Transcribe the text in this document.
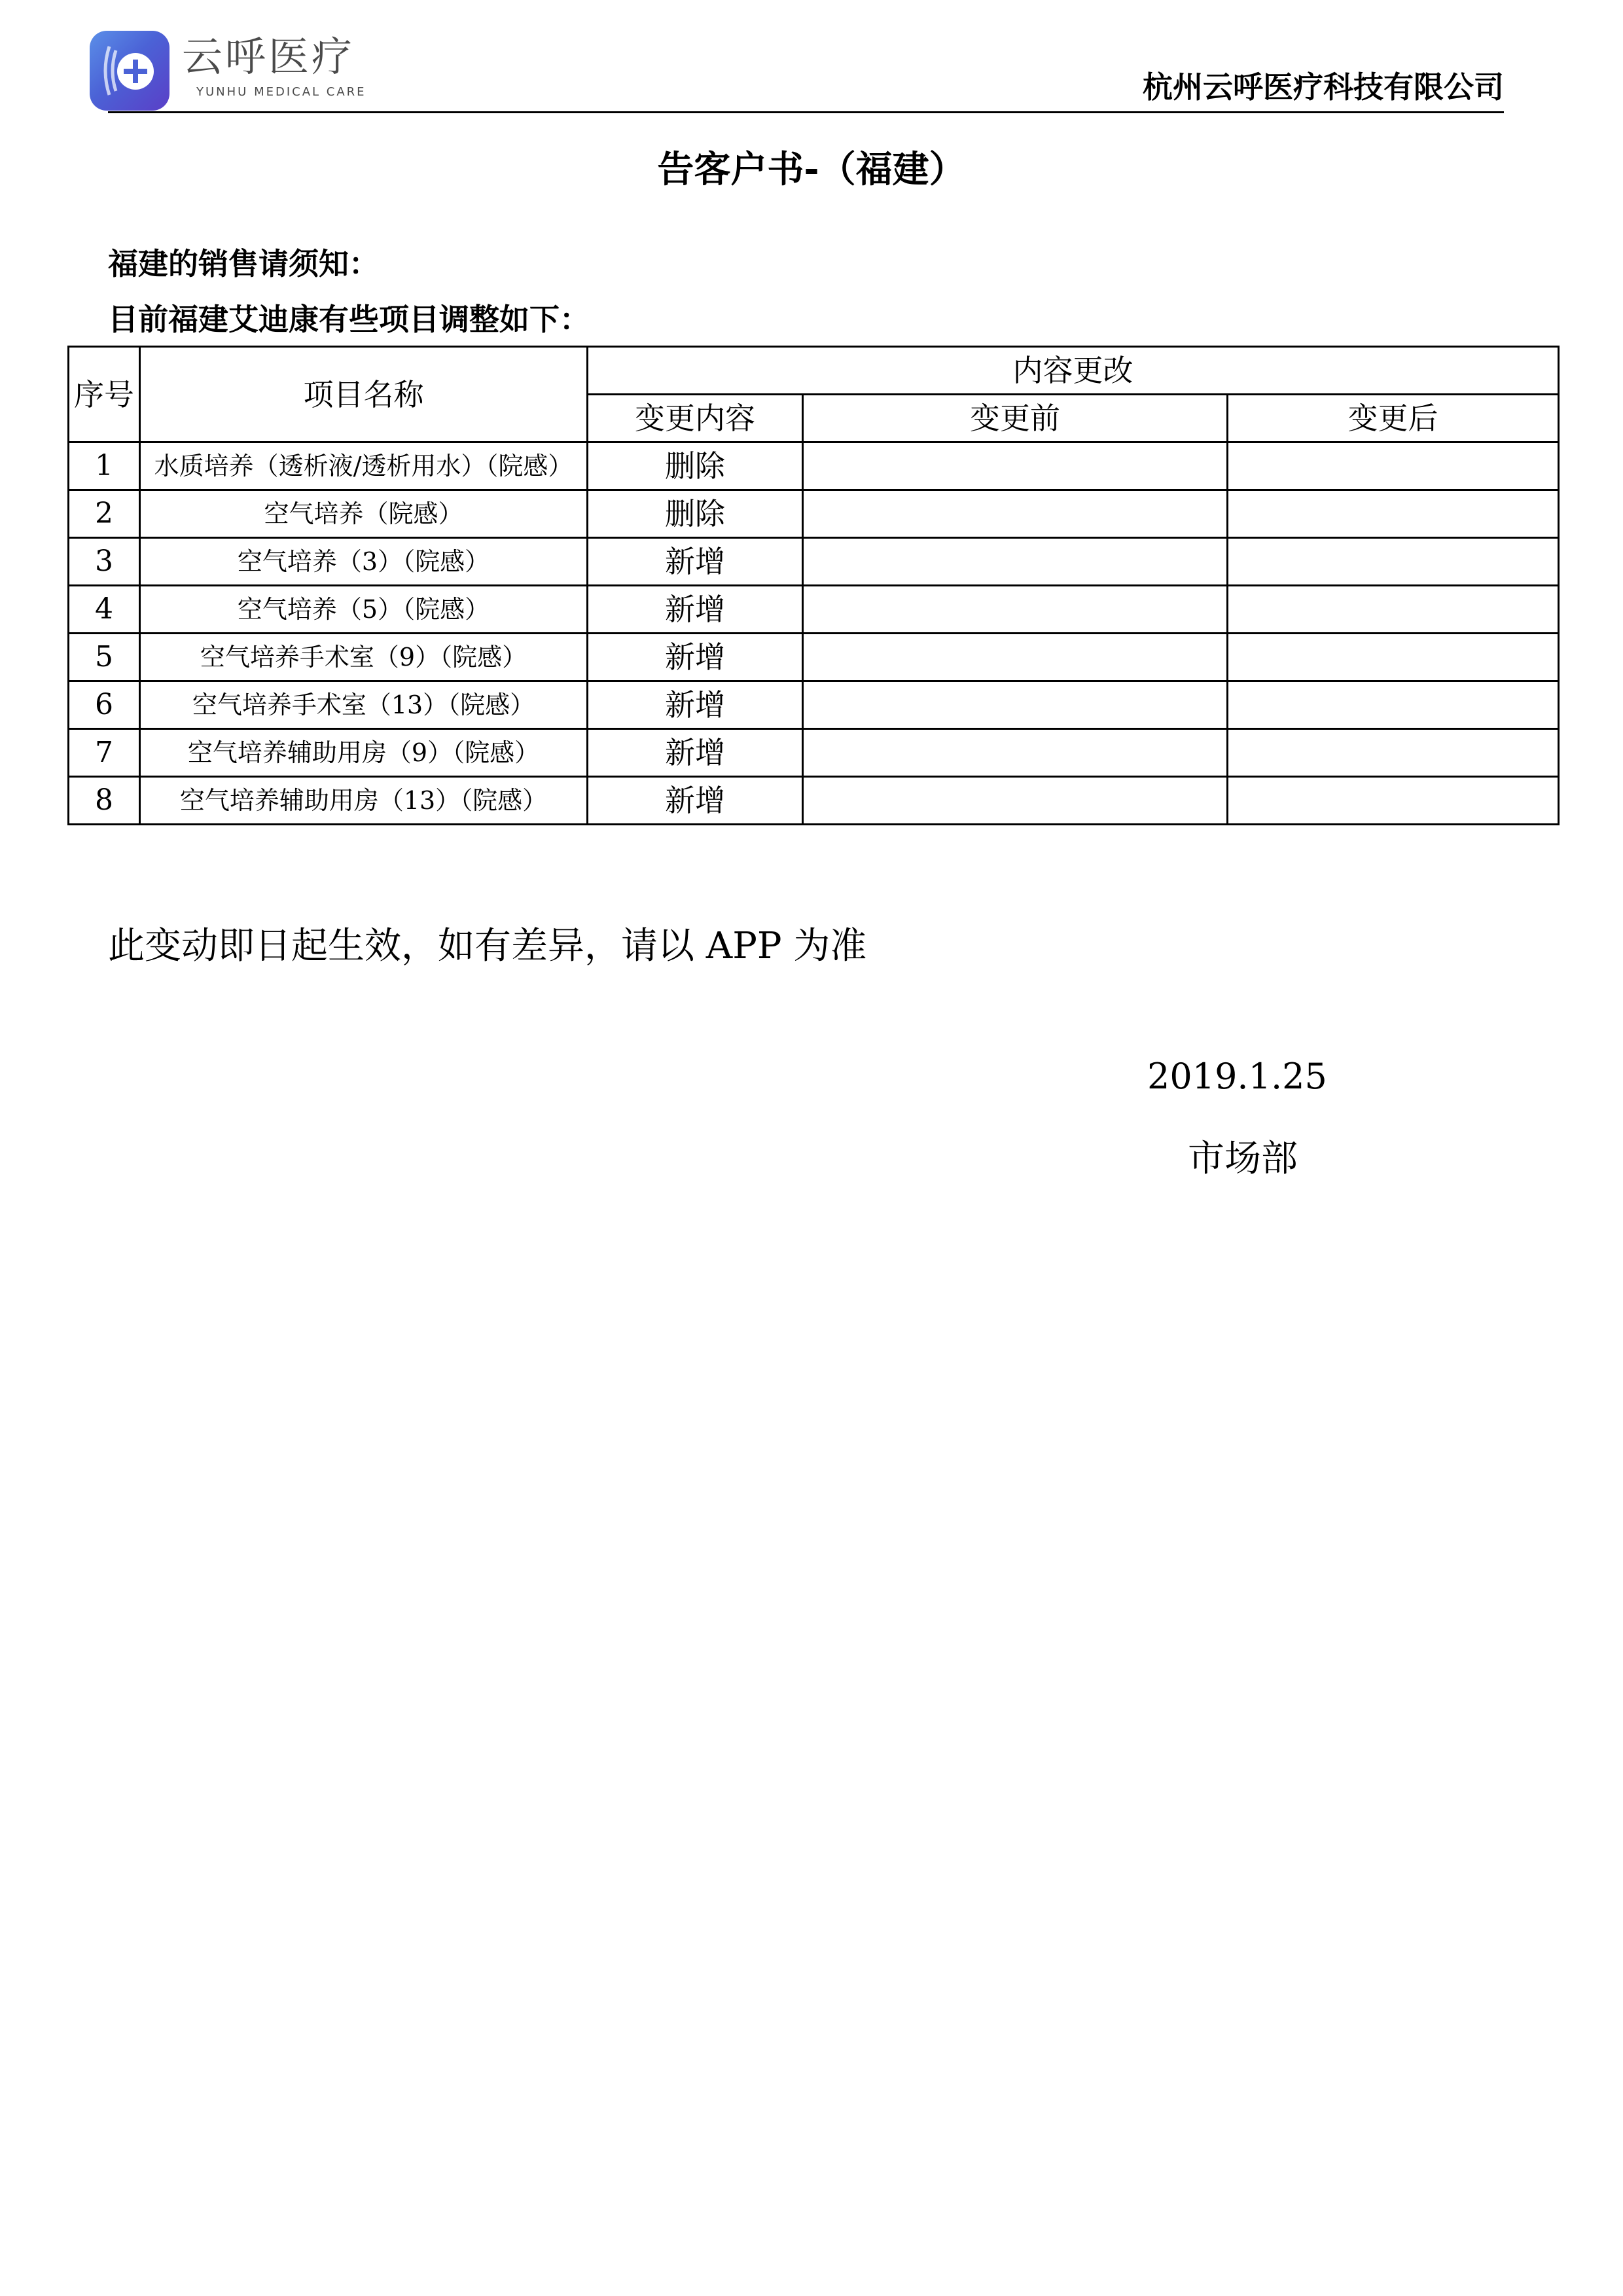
云呼医疗
YUNHU MEDICAL CARE	杭州云呼医疗科技有限公司
告客户书-（福建）
福建的销售请须知：
目前福建艾迪康有些项目调整如下：
序号	项目名称	内容更改		
		变更内容	变更前	变更后
1	水质培养（透析液/透析用水）（院感）	删除		
2	空气培养（院感）	删除		
3	空气培养（3）（院感）	新增		
4	空气培养（5）（院感）	新增		
5	空气培养手术室（9）（院感）	新增		
6	空气培养手术室（13）（院感）	新增		
7	空气培养辅助用房（9）（院感）	新增		
8	空气培养辅助用房（13）（院感）	新增		
此变动即日起生效，如有差异，请以 APP 为准
2019.1.25
市场部
